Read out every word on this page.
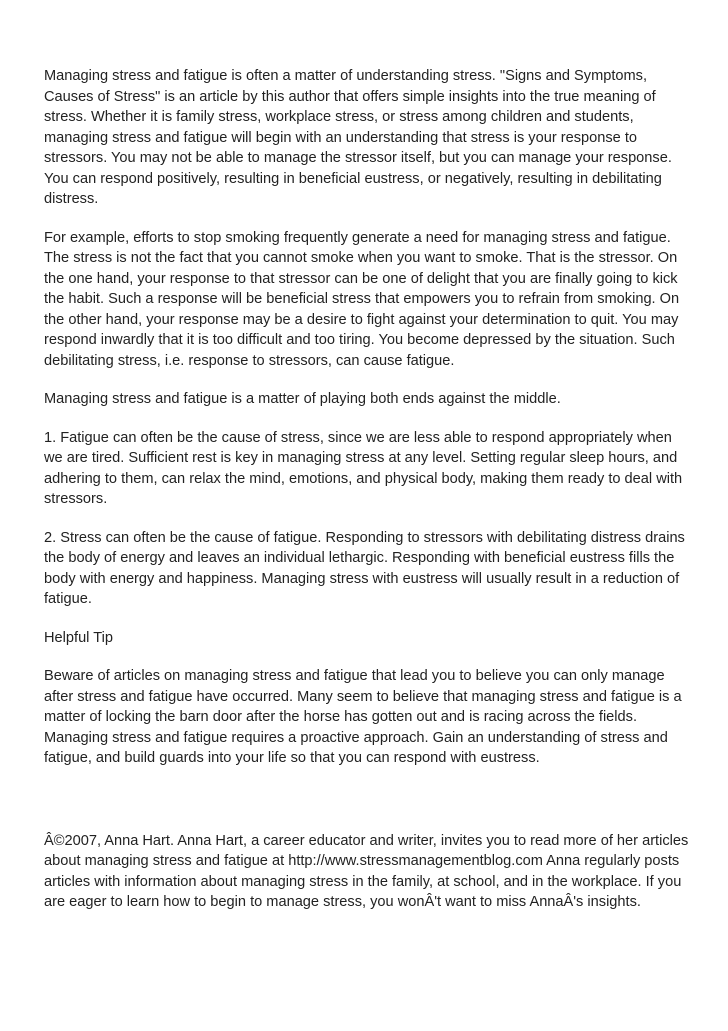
Managing stress and fatigue is often a matter of understanding stress. "Signs and Symptoms, Causes of Stress" is an article by this author that offers simple insights into the true meaning of stress. Whether it is family stress, workplace stress, or stress among children and students, managing stress and fatigue will begin with an understanding that stress is your response to stressors. You may not be able to manage the stressor itself, but you can manage your response. You can respond positively, resulting in beneficial eustress, or negatively, resulting in debilitating distress.

For example, efforts to stop smoking frequently generate a need for managing stress and fatigue. The stress is not the fact that you cannot smoke when you want to smoke. That is the stressor. On the one hand, your response to that stressor can be one of delight that you are finally going to kick the habit. Such a response will be beneficial stress that empowers you to refrain from smoking. On the other hand, your response may be a desire to fight against your determination to quit. You may respond inwardly that it is too difficult and too tiring. You become depressed by the situation. Such debilitating stress, i.e. response to stressors, can cause fatigue.

Managing stress and fatigue is a matter of playing both ends against the middle.

1. Fatigue can often be the cause of stress, since we are less able to respond appropriately when we are tired. Sufficient rest is key in managing stress at any level. Setting regular sleep hours, and adhering to them, can relax the mind, emotions, and physical body, making them ready to deal with stressors.

2. Stress can often be the cause of fatigue. Responding to stressors with debilitating distress drains the body of energy and leaves an individual lethargic. Responding with beneficial eustress fills the body with energy and happiness. Managing stress with eustress will usually result in a reduction of fatigue.

Helpful Tip

Beware of articles on managing stress and fatigue that lead you to believe you can only manage after stress and fatigue have occurred. Many seem to believe that managing stress and fatigue is a matter of locking the barn door after the horse has gotten out and is racing across the fields. Managing stress and fatigue requires a proactive approach. Gain an understanding of stress and fatigue, and build guards into your life so that you can respond with eustress.

Â©2007, Anna Hart. Anna Hart, a career educator and writer, invites you to read more of her articles about managing stress and fatigue at http://www.stressmanagementblog.com Anna regularly posts articles with information about managing stress in the family, at school, and in the workplace. If you are eager to learn how to begin to manage stress, you wonÂ't want to miss AnnaÂ's insights.
